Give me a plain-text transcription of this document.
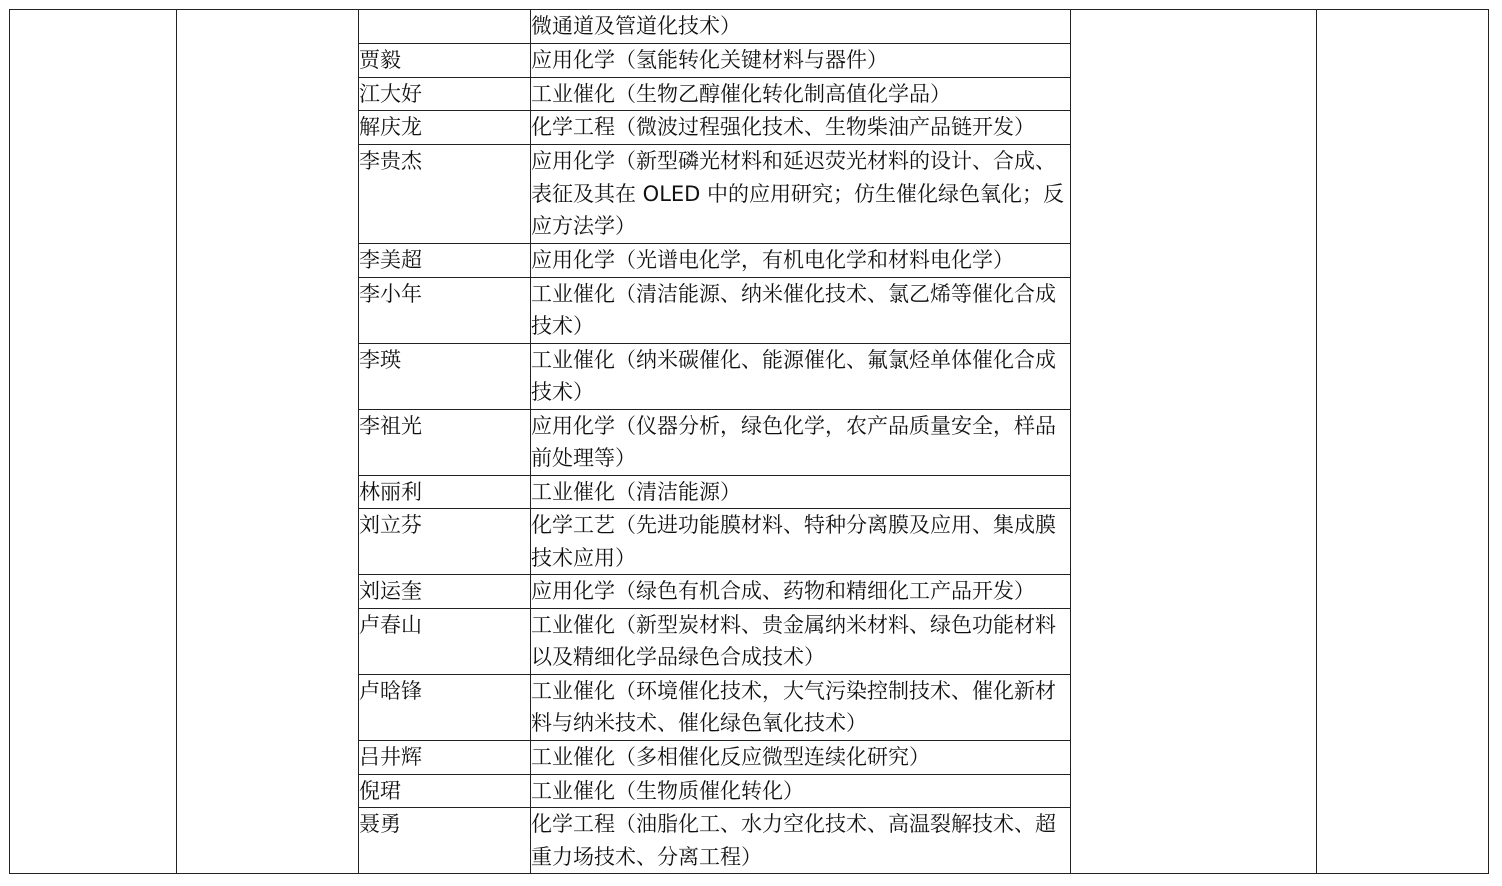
			微通道及管道化技术）		
		贾毅	应用化学（氢能转化关键材料与器件）		
		江大好	工业催化（生物乙醇催化转化制高值化学品）		
		解庆龙	化学工程（微波过程强化技术、生物柴油产品链开发）		
		李贵杰	应用化学（新型磷光材料和延迟荧光材料的设计、合成、表征及其在 OLED 中的应用研究；仿生催化绿色氧化；反应方法学）		
		李美超	应用化学（光谱电化学，有机电化学和材料电化学）		
		李小年	工业催化（清洁能源、纳米催化技术、氯乙烯等催化合成技术）		
		李瑛	工业催化（纳米碳催化、能源催化、氟氯烃单体催化合成技术）		
		李祖光	应用化学（仪器分析，绿色化学，农产品质量安全，样品前处理等）		
		林丽利	工业催化（清洁能源）		
		刘立芬	化学工艺（先进功能膜材料、特种分离膜及应用、集成膜技术应用）		
		刘运奎	应用化学（绿色有机合成、药物和精细化工产品开发）		
		卢春山	工业催化（新型炭材料、贵金属纳米材料、绿色功能材料以及精细化学品绿色合成技术）		
		卢晗锋	工业催化（环境催化技术，大气污染控制技术、催化新材料与纳米技术、催化绿色氧化技术）		
		吕井辉	工业催化（多相催化反应微型连续化研究）		
		倪珺	工业催化（生物质催化转化）		
		聂勇	化学工程（油脂化工、水力空化技术、高温裂解技术、超重力场技术、分离工程）		
